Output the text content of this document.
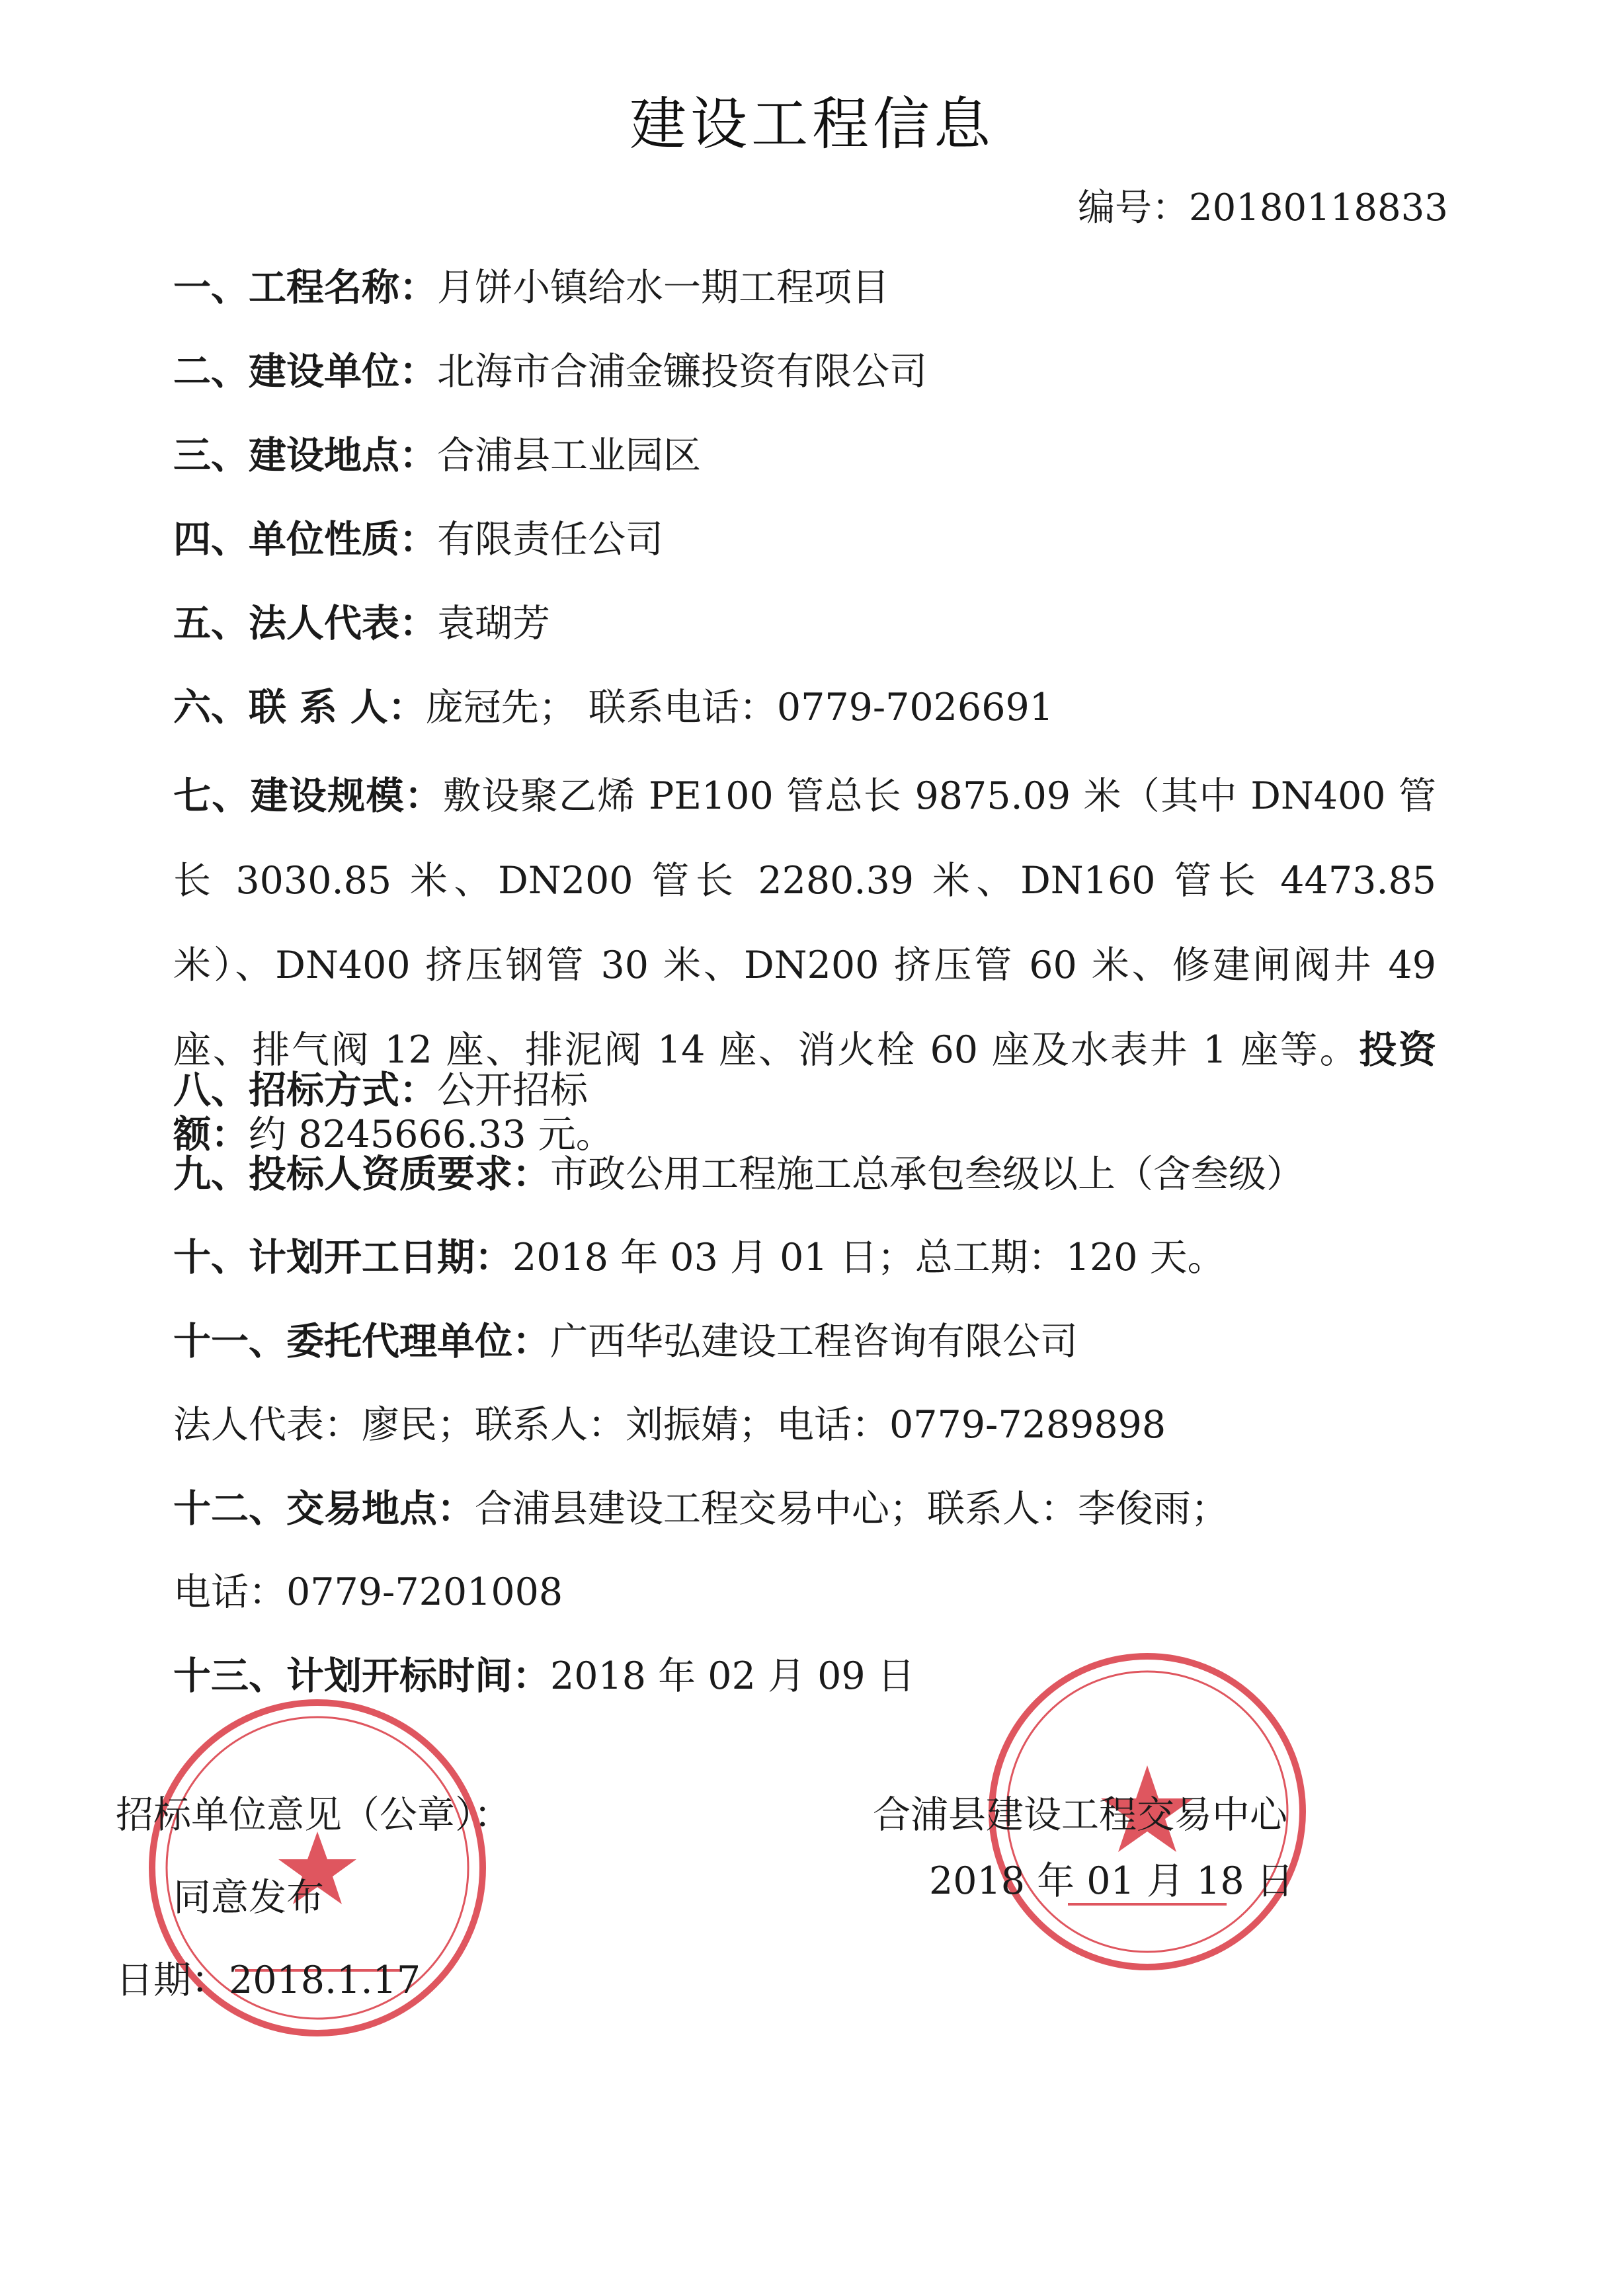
建设工程信息
编号：20180118833
一、工程名称：月饼小镇给水一期工程项目
二、建设单位：北海市合浦金镰投资有限公司
三、建设地点：合浦县工业园区
四、单位性质：有限责任公司
五、法人代表：袁瑚芳
六、联 系 人：庞冠先； 联系电话：0779-7026691
七、建设规模：敷设聚乙烯 PE100 管总长 9875.09 米（其中 DN400 管长 3030.85 米、DN200 管长 2280.39 米、DN160 管长 4473.85 米）、DN400 挤压钢管 30 米、DN200 挤压管 60 米、修建闸阀井 49 座、排气阀 12 座、排泥阀 14 座、消火栓 60 座及水表井 1 座等。投资额：约 8245666.33 元。
八、招标方式：公开招标
九、投标人资质要求：市政公用工程施工总承包叁级以上（含叁级）
十、计划开工日期：2018 年 03 月 01 日；总工期：120 天。
十一、委托代理单位：广西华弘建设工程咨询有限公司
法人代表：廖民；联系人：刘振婧；电话：0779-7289898
十二、交易地点：合浦县建设工程交易中心；联系人：李俊雨；
电话：0779-7201008
十三、计划开标时间：2018 年 02 月 09 日
招标单位意见（公章）：
同意发布
日期：2018.1.17
合浦县建设工程交易中心
2018 年 01 月 18 日
